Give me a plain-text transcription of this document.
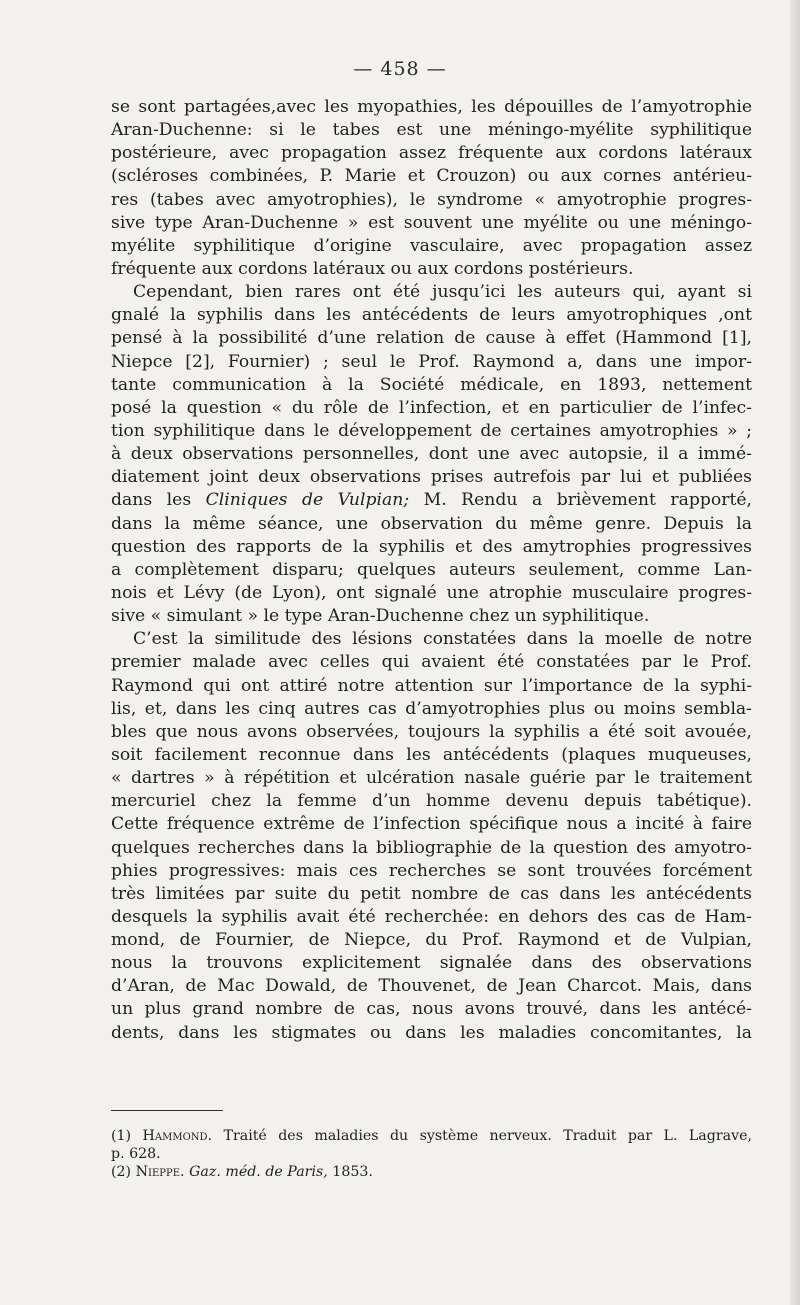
— 458 —
se sont partagées,avec les myopathies, les dépouilles de l’amyotrophie
Aran-Duchenne: si le tabes est une méningo-myélite syphilitique
postérieure, avec propagation assez fréquente aux cordons latéraux
(scléroses combinées, P. Marie et Crouzon) ou aux cornes antérieu-
res (tabes avec amyotrophies), le syndrome « amyotrophie progres-
sive type Aran-Duchenne » est souvent une myélite ou une méningo-
myélite syphilitique d’origine vasculaire, avec propagation assez
fréquente aux cordons latéraux ou aux cordons postérieurs.
Cependant, bien rares ont été jusqu’ici les auteurs qui, ayant si
gnalé la syphilis dans les antécédents de leurs amyotrophiques ,ont
pensé à la possibilité d’une relation de cause à effet (Hammond [1],
Niepce [2], Fournier) ; seul le Prof. Raymond a, dans une impor-
tante communication à la Société médicale, en 1893, nettement
posé la question « du rôle de l’infection, et en particulier de l’infec-
tion syphilitique dans le développement de certaines amyotrophies » ;
à deux observations personnelles, dont une avec autopsie, il a immé-
diatement joint deux observations prises autrefois par lui et publiées
dans les Cliniques de Vulpian; M. Rendu a brièvement rapporté,
dans la même séance, une observation du même genre. Depuis la
question des rapports de la syphilis et des amytrophies progressives
a complètement disparu; quelques auteurs seulement, comme Lan-
nois et Lévy (de Lyon), ont signalé une atrophie musculaire progres-
sive « simulant » le type Aran-Duchenne chez un syphilitique.
C’est la similitude des lésions constatées dans la moelle de notre
premier malade avec celles qui avaient été constatées par le Prof.
Raymond qui ont attiré notre attention sur l’importance de la syphi-
lis, et, dans les cinq autres cas d’amyotrophies plus ou moins sembla-
bles que nous avons observées, toujours la syphilis a été soit avouée,
soit facilement reconnue dans les antécédents (plaques muqueuses,
« dartres » à répétition et ulcération nasale guérie par le traitement
mercuriel chez la femme d’un homme devenu depuis tabétique).
Cette fréquence extrême de l’infection spécifique nous a incité à faire
quelques recherches dans la bibliographie de la question des amyotro-
phies progressives: mais ces recherches se sont trouvées forcément
très limitées par suite du petit nombre de cas dans les antécédents
desquels la syphilis avait été recherchée: en dehors des cas de Ham-
mond, de Fournier, de Niepce, du Prof. Raymond et de Vulpian,
nous la trouvons explicitement signalée dans des observations
d’Aran, de Mac Dowald, de Thouvenet, de Jean Charcot. Mais, dans
un plus grand nombre de cas, nous avons trouvé, dans les antécé-
dents, dans les stigmates ou dans les maladies concomitantes, la
(1) Hammond. Traité des maladies du système nerveux. Traduit par L. Lagrave,
p. 628.
(2) Nieppe. Gaz. méd. de Paris, 1853.
